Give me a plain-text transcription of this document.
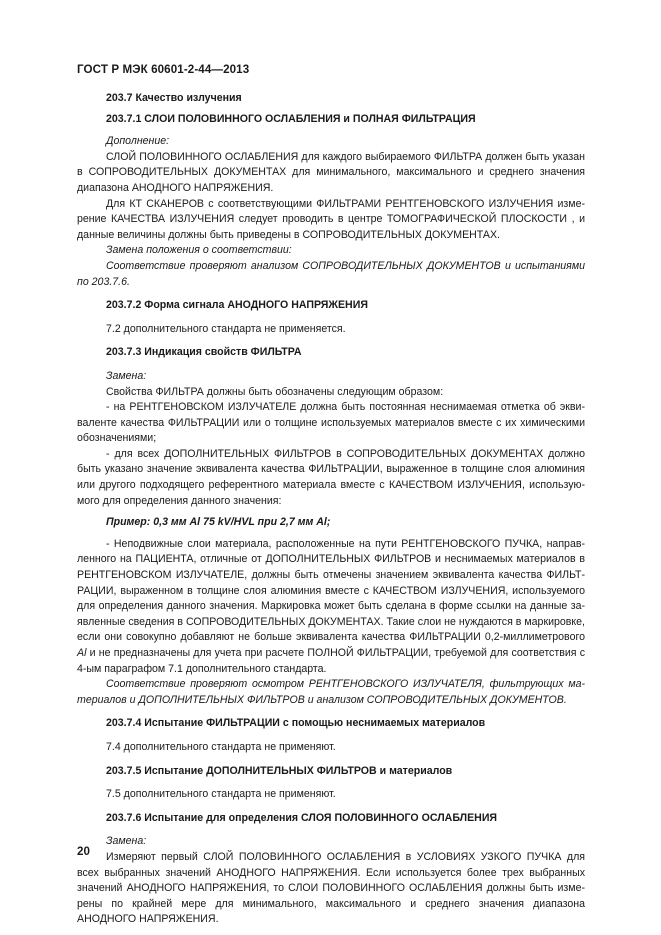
ГОСТ Р МЭК 60601-2-44—2013
203.7 Качество излучения
203.7.1 СЛОИ ПОЛОВИННОГО ОСЛАБЛЕНИЯ и ПОЛНАЯ ФИЛЬТРАЦИЯ

Дополнение:

СЛОЙ ПОЛОВИННОГО ОСЛАБЛЕНИЯ для каждого выбираемого ФИЛЬТРА должен быть указан в СОПРОВОДИТЕЛЬНЫХ ДОКУМЕНТАХ для минимального, максимального и среднего значения диапазона АНОДНОГО НАПРЯЖЕНИЯ.

Для КТ СКАНЕРОВ с соответствующими ФИЛЬТРАМИ РЕНТГЕНОВСКОГО ИЗЛУЧЕНИЯ изме-рение КАЧЕСТВА ИЗЛУЧЕНИЯ следует проводить в центре ТОМОГРАФИЧЕСКОЙ ПЛОСКОСТИ , и данные величины должны быть приведены в СОПРОВОДИТЕЛЬНЫХ ДОКУМЕНТАХ.

Замена положения о соответствии:

Соответствие проверяют анализом СОПРОВОДИТЕЛЬНЫХ ДОКУМЕНТОВ и испытаниями по 203.7.6.

203.7.2 Форма сигнала АНОДНОГО НАПРЯЖЕНИЯ

7.2 дополнительного стандарта не применяется.

203.7.3 Индикация свойств ФИЛЬТРА

Замена:

Свойства ФИЛЬТРА должны быть обозначены следующим образом:

- на РЕНТГЕНОВСКОМ ИЗЛУЧАТЕЛЕ должна быть постоянная неснимаемая отметка об экви-валенте качества ФИЛЬТРАЦИИ или о толщине используемых материалов вместе с их химическими обозначениями;

- для всех ДОПОЛНИТЕЛЬНЫХ ФИЛЬТРОВ в СОПРОВОДИТЕЛЬНЫХ ДОКУМЕНТАХ должно быть указано значение эквивалента качества ФИЛЬТРАЦИИ, выраженное в толщине слоя алюминия или другого подходящего референтного материала вместе с КАЧЕСТВОМ ИЗЛУЧЕНИЯ, использую-мого для определения данного значения:

Пример: 0,3 мм Al 75 kV/HVL при 2,7 мм Al;

- Неподвижные слои материала, расположенные на пути РЕНТГЕНОВСКОГО ПУЧКА, направ-ленного на ПАЦИЕНТА, отличные от ДОПОЛНИТЕЛЬНЫХ ФИЛЬТРОВ и неснимаемых материалов в РЕНТГЕНОВСКОМ ИЗЛУЧАТЕЛЕ, должны быть отмечены значением эквивалента качества ФИЛЬТ-РАЦИИ, выраженном в толщине слоя алюминия вместе с КАЧЕСТВОМ ИЗЛУЧЕНИЯ, используемого для определения данного значения. Маркировка может быть сделана в форме ссылки на данные за-явленные сведения в СОПРОВОДИТЕЛЬНЫХ ДОКУМЕНТАХ. Такие слои не нуждаются в маркировке, если они совокупно добавляют не больше эквивалента качества ФИЛЬТРАЦИИ 0,2-миллиметрового Al и не предназначены для учета при расчете ПОЛНОЙ ФИЛЬТРАЦИИ, требуемой для соответствия с 4-ым параграфом 7.1 дополнительного стандарта.

Соответствие проверяют осмотром РЕНТГЕНОВСКОГО ИЗЛУЧАТЕЛЯ, фильтрующих ма-териалов и ДОПОЛНИТЕЛЬНЫХ ФИЛЬТРОВ и анализом СОПРОВОДИТЕЛЬНЫХ ДОКУМЕНТОВ.

203.7.4 Испытание ФИЛЬТРАЦИИ с помощью неснимаемых материалов

7.4 дополнительного стандарта не применяют.

203.7.5 Испытание ДОПОЛНИТЕЛЬНЫХ ФИЛЬТРОВ и материалов

7.5 дополнительного стандарта не применяют.

203.7.6 Испытание для определения СЛОЯ ПОЛОВИННОГО ОСЛАБЛЕНИЯ

Замена:

Измеряют первый СЛОЙ ПОЛОВИННОГО ОСЛАБЛЕНИЯ в УСЛОВИЯХ УЗКОГО ПУЧКА для всех выбранных значений АНОДНОГО НАПРЯЖЕНИЯ. Если используется более трех выбранных значений АНОДНОГО НАПРЯЖЕНИЯ, то СЛОИ ПОЛОВИННОГО ОСЛАБЛЕНИЯ должны быть изме-рены по крайней мере для минимального, максимального и среднего значения диапазона АНОДНОГО НАПРЯЖЕНИЯ.

20
